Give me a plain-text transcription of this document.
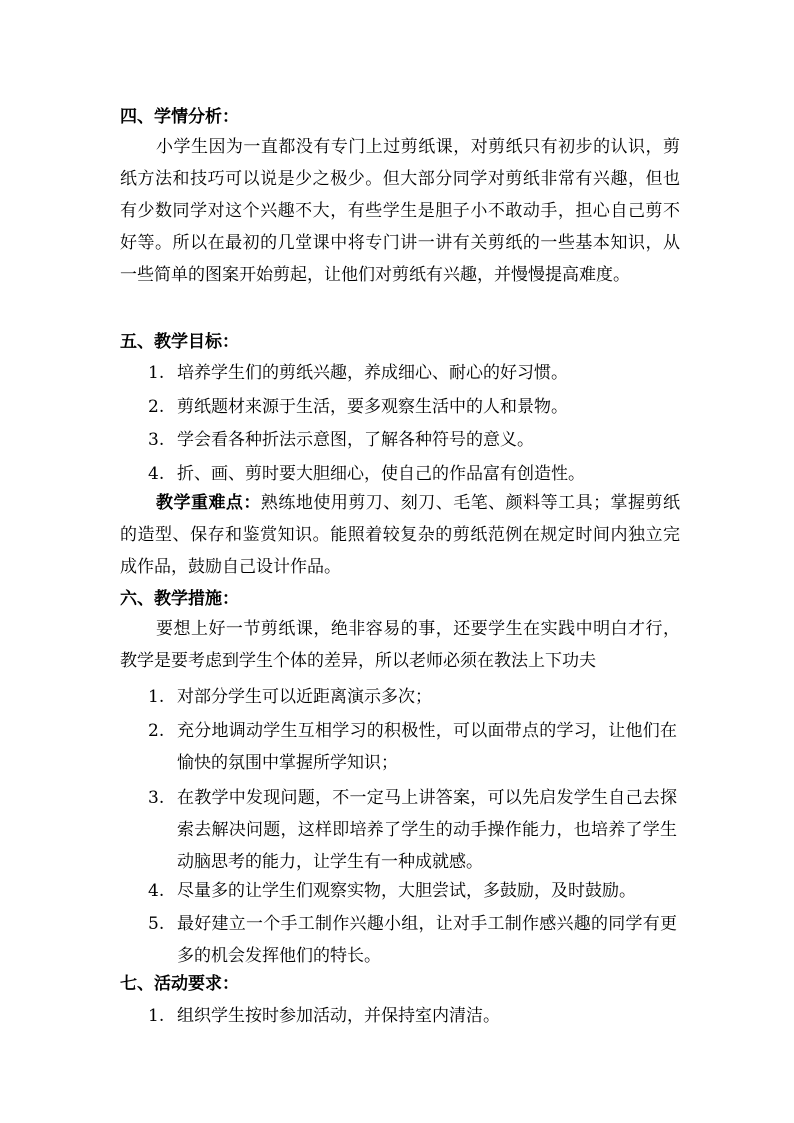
四、学情分析：

小学生因为一直都没有专门上过剪纸课，对剪纸只有初步的认识，剪纸方法和技巧可以说是少之极少。但大部分同学对剪纸非常有兴趣，但也有少数同学对这个兴趣不大，有些学生是胆子小不敢动手，担心自己剪不好等。所以在最初的几堂课中将专门讲一讲有关剪纸的一些基本知识，从一些简单的图案开始剪起，让他们对剪纸有兴趣，并慢慢提高难度。

五、教学目标：
1. 培养学生们的剪纸兴趣，养成细心、耐心的好习惯。

2. 剪纸题材来源于生活，要多观察生活中的人和景物。

3. 学会看各种折法示意图，了解各种符号的意义。

4. 折、画、剪时要大胆细心，使自己的作品富有创造性。

教学重难点：熟练地使用剪刀、刻刀、毛笔、颜料等工具；掌握剪纸的造型、保存和鉴赏知识。能照着较复杂的剪纸范例在规定时间内独立完成作品，鼓励自己设计作品。

六、教学措施：

要想上好一节剪纸课，绝非容易的事，还要学生在实践中明白才行，教学是要考虑到学生个体的差异，所以老师必须在教法上下功夫

1. 对部分学生可以近距离演示多次；

2. 充分地调动学生互相学习的积极性，可以面带点的学习，让他们在愉快的氛围中掌握所学知识；

3. 在教学中发现问题，不一定马上讲答案，可以先启发学生自己去探索去解决问题，这样即培养了学生的动手操作能力，也培养了学生动脑思考的能力，让学生有一种成就感。

4. 尽量多的让学生们观察实物，大胆尝试，多鼓励，及时鼓励。

5. 最好建立一个手工制作兴趣小组，让对手工制作感兴趣的同学有更多的机会发挥他们的特长。

七、活动要求：
1. 组织学生按时参加活动，并保持室内清洁。
